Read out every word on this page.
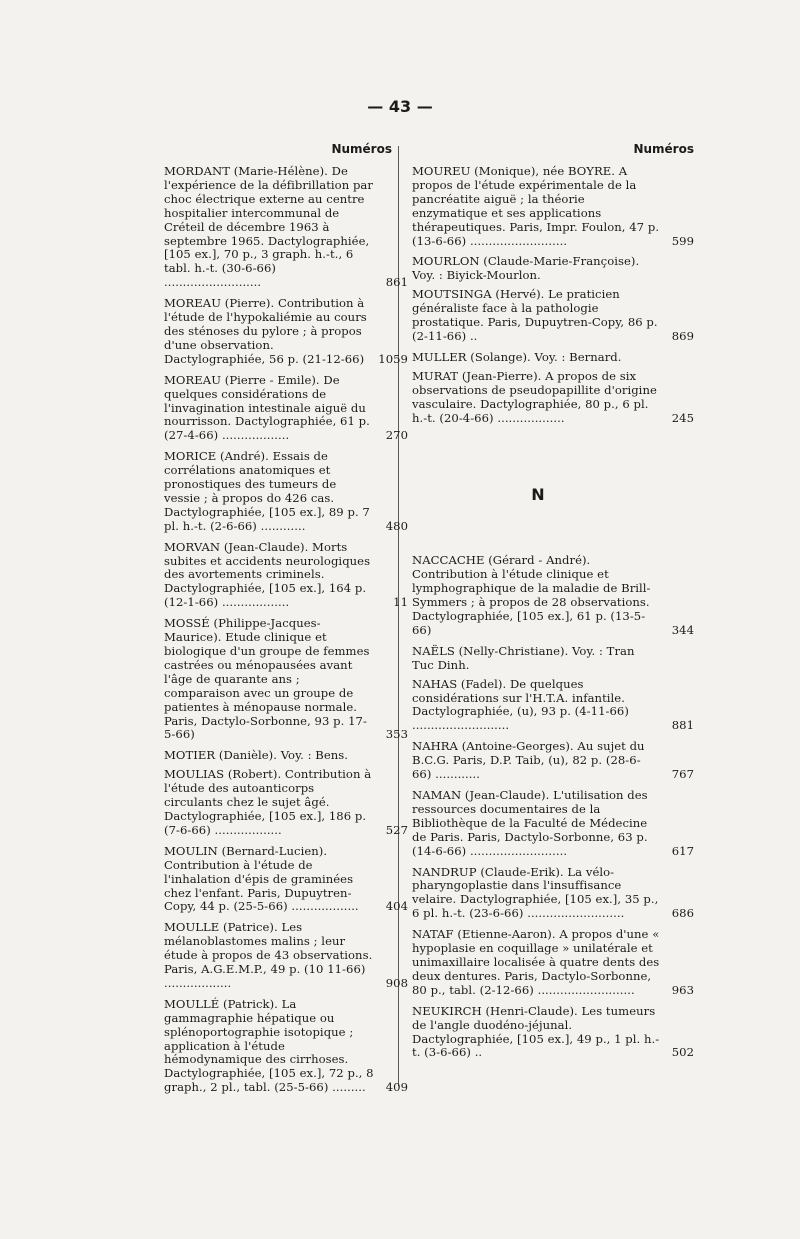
— 43 —
Numéros
MORDANT (Marie-Hélène). De l'expérience de la défibrillation par choc électrique externe au centre hospitalier intercommunal de Créteil de décembre 1963 à septembre 1965. Dactylographiée, [105 ex.], 70 p., 3 graph. h.-t., 6 tabl. h.-t. (30-6-66) ..........................	861
MOREAU (Pierre). Contribution à l'étude de l'hypokaliémie au cours des sténoses du pylore ; à propos d'une observation. Dactylographiée, 56 p. (21-12-66) 1059
MOREAU (Pierre - Emile). De quelques considérations de l'invagination intestinale aiguë du nourrisson. Dactylographiée, 61 p. (27-4-66) ..................	270
MORICE (André). Essais de corrélations anatomiques et pronostiques des tumeurs de vessie ; à propos do 426 cas. Dactylographiée, [105 ex.], 89 p. 7 pl. h.-t. (2-6-66) ............	480
MORVAN (Jean-Claude). Morts subites et accidents neurologiques des avortements criminels. Dactylographiée, [105 ex.], 164 p. (12-1-66) ..................	11
MOSSÉ (Philippe-Jacques-Maurice). Etude clinique et biologique d'un groupe de femmes castrées ou ménopausées avant l'âge de quarante ans ; comparaison avec un groupe de patientes à ménopause normale. Paris, Dactylo-Sorbonne, 93 p. 17-5-66)	353
MOTIER (Danièle). Voy. : Bens.
MOULIAS (Robert). Contribution à l'étude des autoanticorps circulants chez le sujet âgé. Dactylographiée, [105 ex.], 186 p. (7-6-66) ..................	527
MOULIN (Bernard-Lucien). Contribution à l'étude de l'inhalation d'épis de graminées chez l'enfant. Paris, Dupuytren-Copy, 44 p. (25-5-66) ..................	404
MOULLE (Patrice). Les mélanoblastomes malins ; leur étude à propos de 43 observations. Paris, A.G.E.M.P., 49 p. (10 11-66) ..................	908
MOULLÉ (Patrick). La gammagraphie hépatique ou splénoportographie isotopique ; application à l'étude hémodynamique des cirrhoses. Dactylographiée, [105 ex.], 72 p., 8 graph., 2 pl., tabl. (25-5-66) .........	409
Numéros
MOUREU (Monique), née BOYRE. A propos de l'étude expérimentale de la pancréatite aiguë ; la théorie enzymatique et ses applications thérapeutiques. Paris, Impr. Foulon, 47 p. (13-6-66) ..........................	599
MOURLON (Claude-Marie-Françoise). Voy. : Biyick-Mourlon.
MOUTSINGA (Hervé). Le praticien généraliste face à la pathologie prostatique. Paris, Dupuytren-Copy, 86 p. (2-11-66) ..	869
MULLER (Solange). Voy. : Bernard.
MURAT (Jean-Pierre). A propos de six observations de pseudopapillite d'origine vasculaire. Dactylographiée, 80 p., 6 pl. h.-t. (20-4-66) ..................	245
N
NACCACHE (Gérard - André). Contribution à l'étude clinique et lymphographique de la maladie de Brill-Symmers ; à propos de 28 observations. Dactylographiée, [105 ex.], 61 p. (13-5-66)	344
NAËLS (Nelly-Christiane). Voy. : Tran Tuc Dinh.
NAHAS (Fadel). De quelques considérations sur l'H.T.A. infantile. Dactylographiée, (u), 93 p. (4-11-66) ..........................	881
NAHRA (Antoine-Georges). Au sujet du B.C.G. Paris, D.P. Taib, (u), 82 p. (28-6-66) ............	767
NAMAN (Jean-Claude). L'utilisation des ressources documentaires de la Bibliothèque de la Faculté de Médecine de Paris. Paris, Dactylo-Sorbonne, 63 p. (14-6-66) ..........................	617
NANDRUP (Claude-Erik). La vélo-pharyngoplastie dans l'insuffisance velaire. Dactylographiée, [105 ex.], 35 p., 6 pl. h.-t. (23-6-66) ..........................	686
NATAF (Etienne-Aaron). A propos d'une « hypoplasie en coquillage » unilatérale et unimaxillaire localisée à quatre dents des deux dentures. Paris, Dactylo-Sorbonne, 80 p., tabl. (2-12-66) ..........................	963
NEUKIRCH (Henri-Claude). Les tumeurs de l'angle duodéno-jéjunal. Dactylographiée, [105 ex.], 49 p., 1 pl. h.-t. (3-6-66) ..	502
